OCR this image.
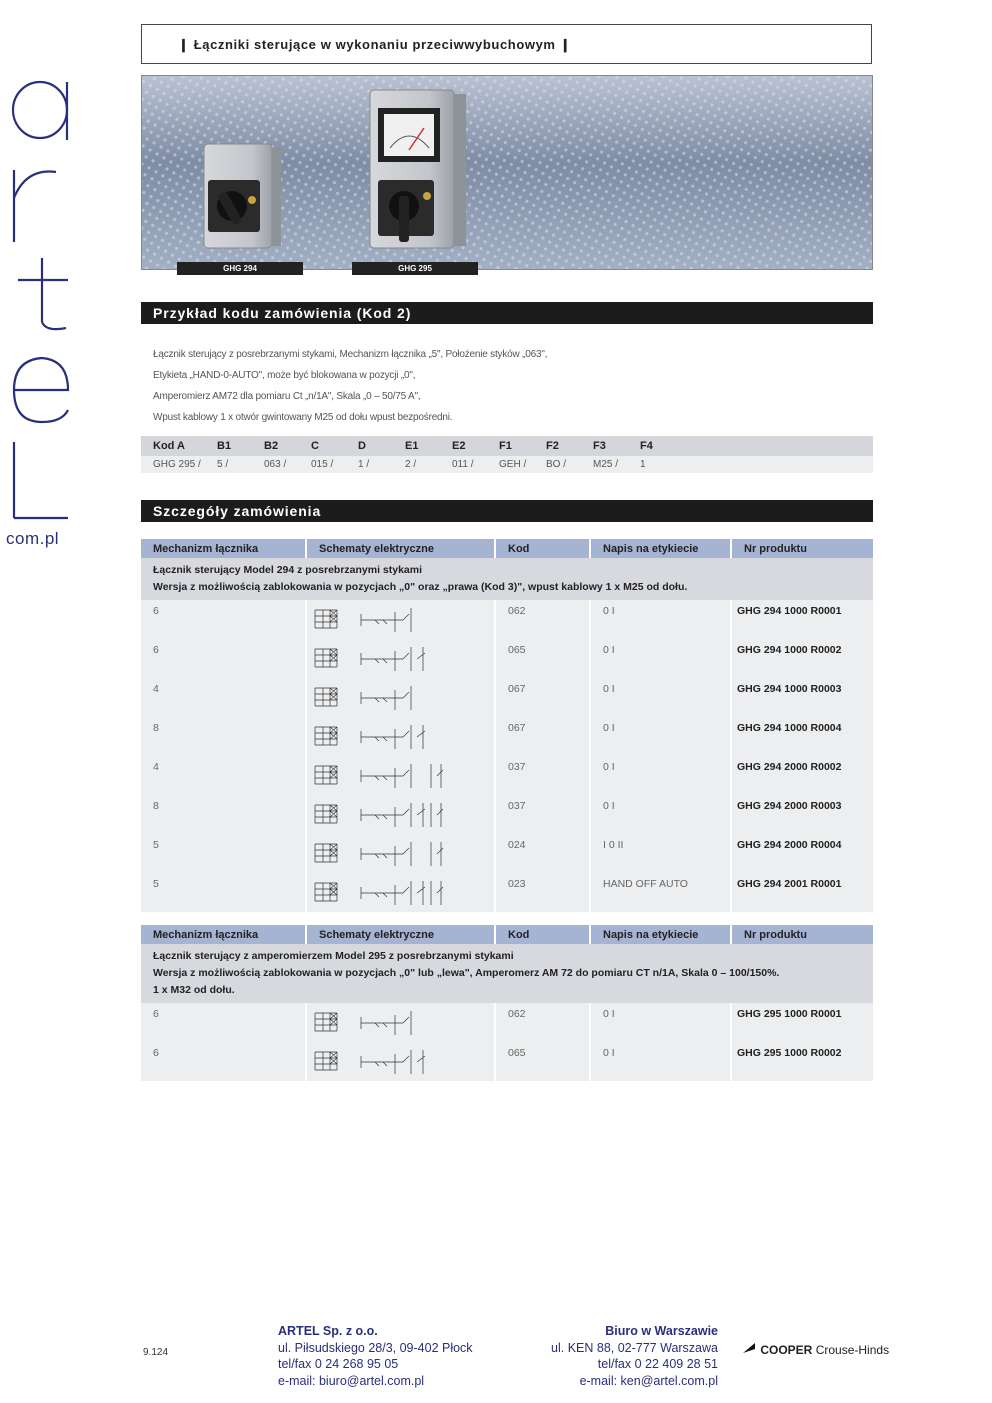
❙ Łączniki sterujące w wykonaniu przeciwwybuchowym ❙
com.pl
GHG 294	GHG 295
Przykład kodu zamówienia (Kod 2)
Łącznik sterujący z posrebrzanymi stykami, Mechanizm łącznika „5", Położenie styków „063",
Etykieta „HAND-0-AUTO", może być blokowana w pozycji „0",
Amperomierz AM72 dla pomiaru Ct „n/1A", Skala „0 – 50/75 A",
Wpust kablowy 1 x otwór gwintowany M25 od dołu wpust bezpośredni.
Kod A	B1	B2	C	D	E1	E2	F1	F2	F3	F4
GHG 295 /	5 /	063 /	015 /	1 /	2 /	011 /	GEH /	BO /	M25 /	1
Szczegóły zamówienia
Mechanizm łącznika	Schematy elektryczne	Kod	Napis na etykiecie	Nr produktu

Łącznik sterujący Model 294 z posrebrzanymi stykami
Wersja z możliwością zablokowania w pozycjach „0" oraz „prawa (Kod 3)", wpust kablowy 1 x M25 od dołu.				

6		062	0 I	GHG 294 1000 R0001
6		065	0 I	GHG 294 1000 R0002
4		067	0 I	GHG 294 1000 R0003
8		067	0 I	GHG 294 1000 R0004
4		037	0 I	GHG 294 2000 R0002
8		037	0 I	GHG 294 2000 R0003
5		024	I 0 II	GHG 294 2000 R0004
5		023	HAND OFF AUTO	GHG 294 2001 R0001
Mechanizm łącznika	Schematy elektryczne	Kod	Napis na etykiecie	Nr produktu

Łącznik sterujący z amperomierzem Model 295 z posrebrzanymi stykami
Wersja z możliwością zablokowania w pozycjach „0" lub „lewa", Amperomerz AM 72 do pomiaru CT n/1A, Skala 0 – 100/150%.
1 x M32 od dołu.				

6		062	0 I	GHG 295 1000 R0001
6		065	0 I	GHG 295 1000 R0002
9.124
ARTEL Sp. z o.o.
ul. Piłsudskiego 28/3, 09-402 Płock
tel/fax 0 24 268 95 05
e-mail: biuro@artel.com.pl
Biuro w Warszawie
ul. KEN 88, 02-777 Warszawa
tel/fax 0 22 409 28 51
e-mail: ken@artel.com.pl
COOPER Crouse-Hinds
